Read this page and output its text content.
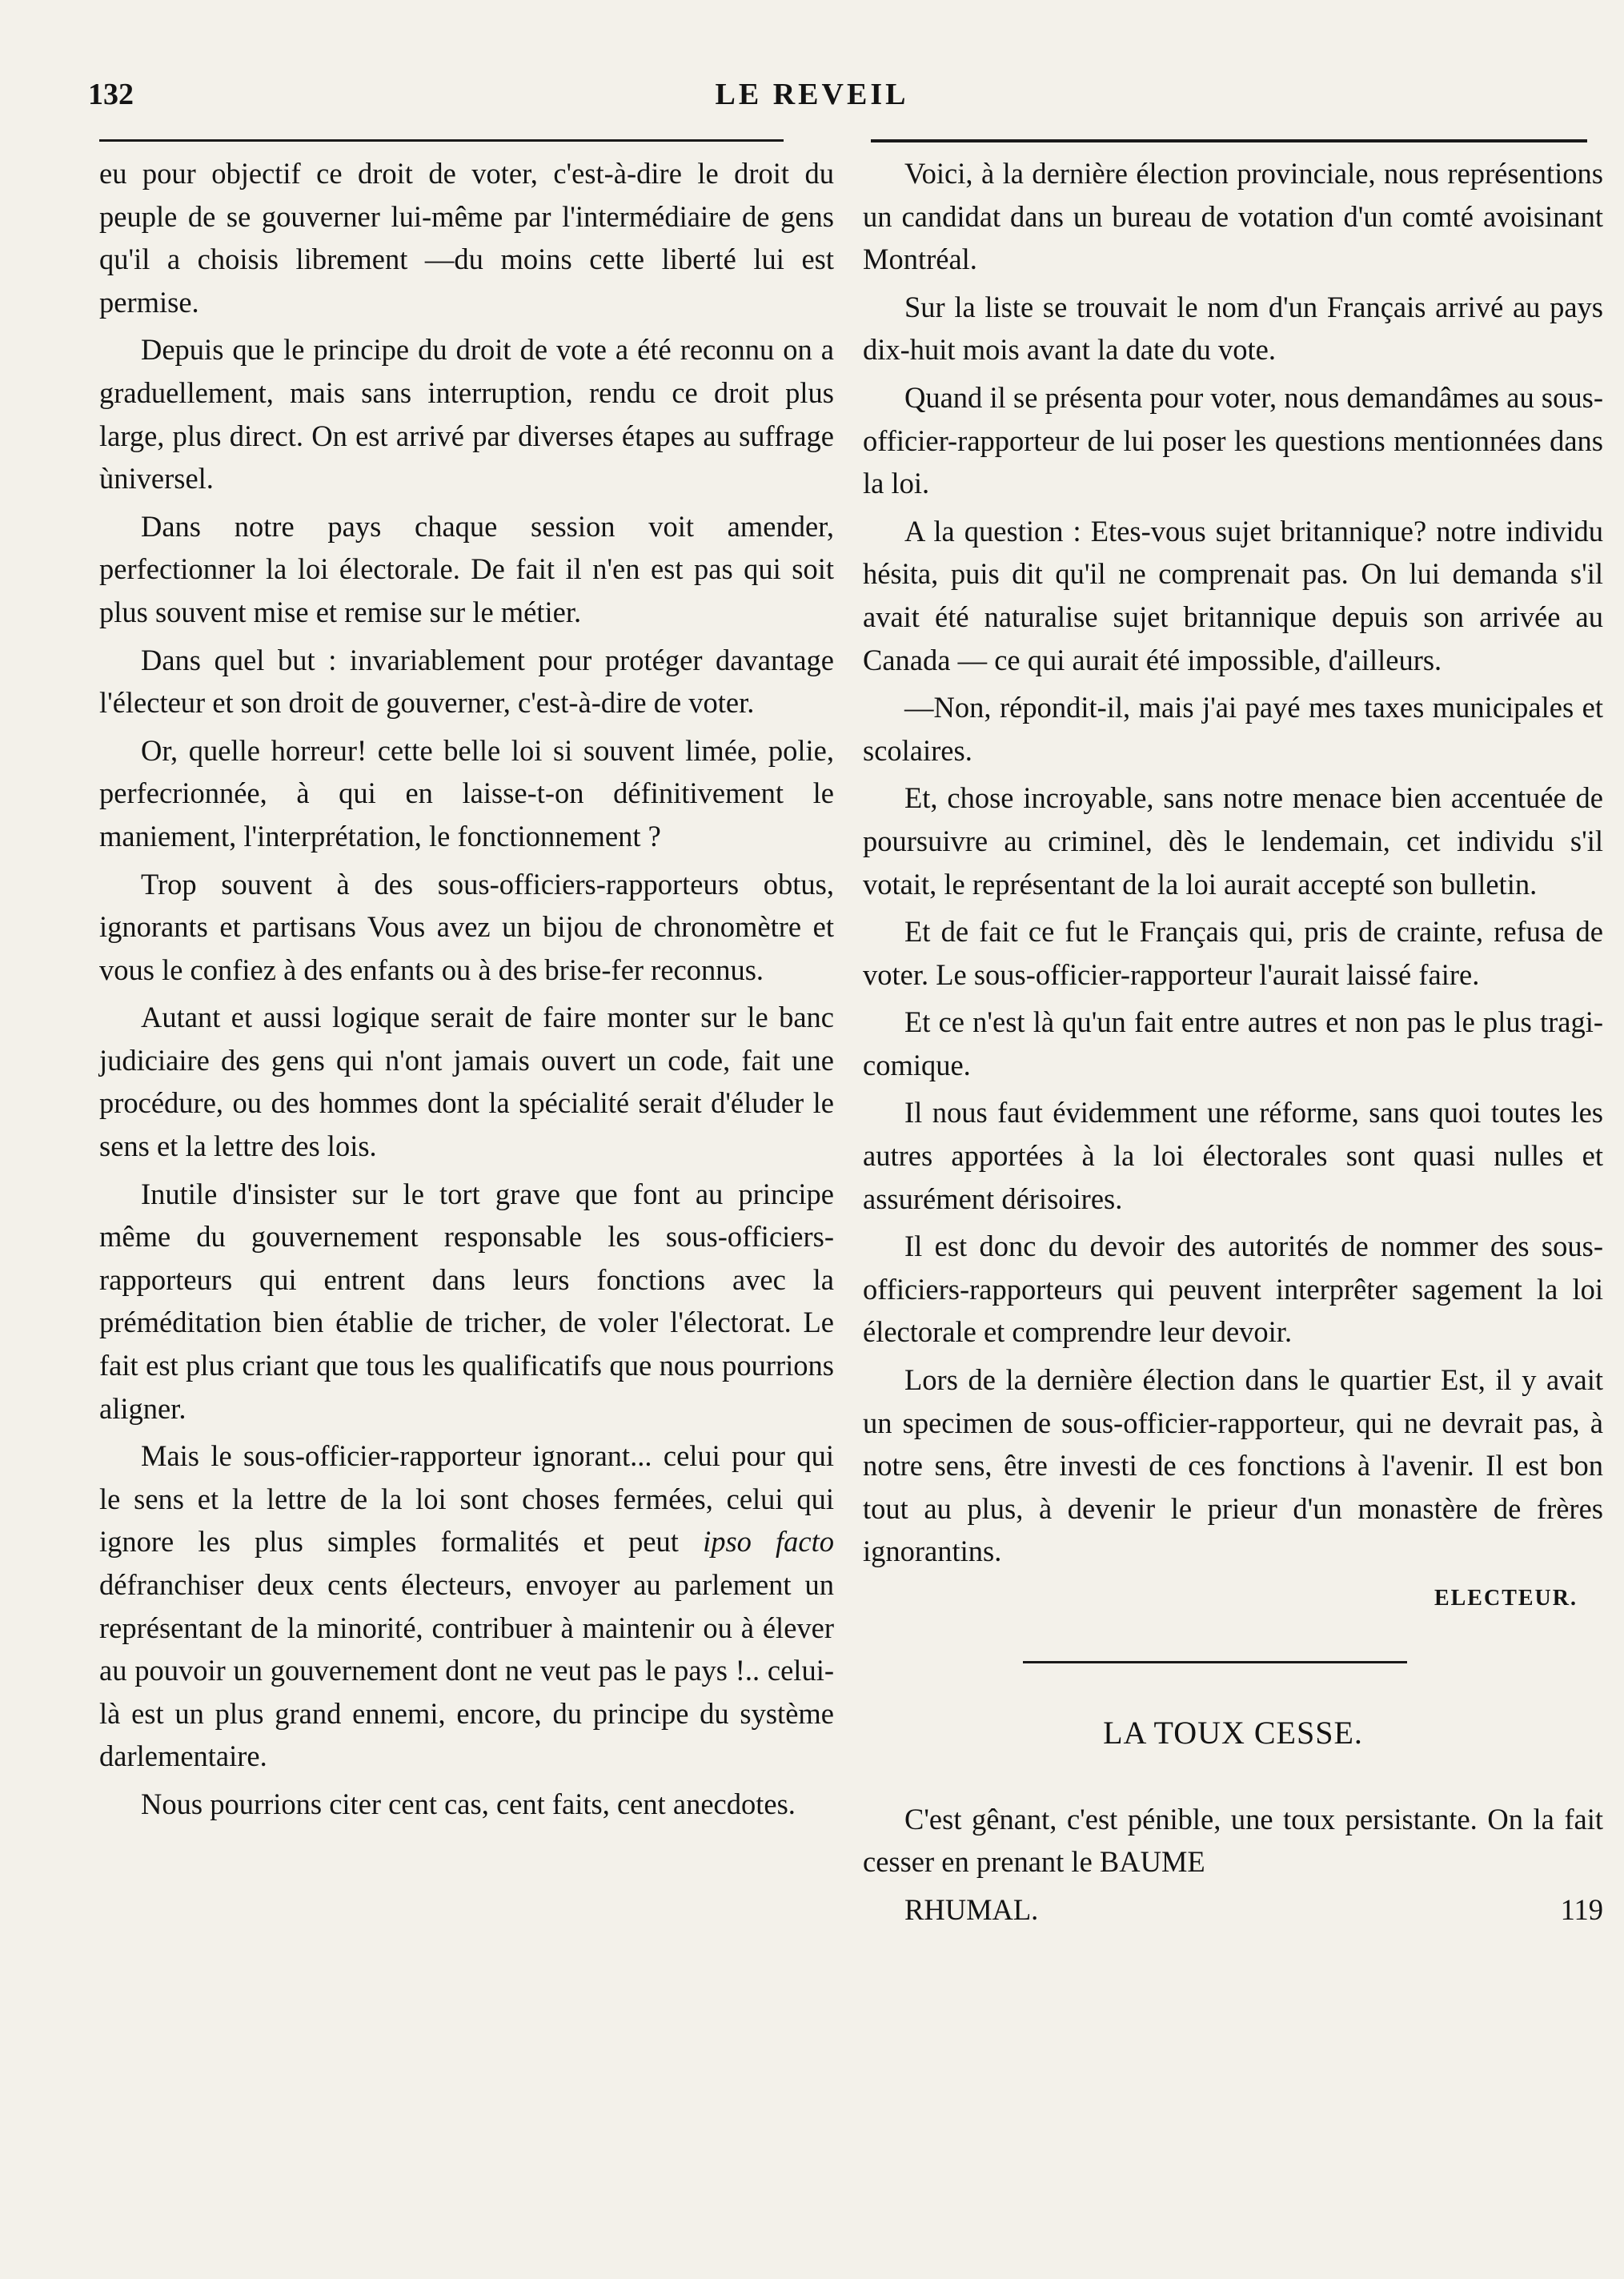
132	LE REVEIL

eu pour objectif ce droit de voter, c'est-à-dire le droit du peuple de se gouverner lui-même par l'intermédiaire de gens qu'il a choisis librement —du moins cette liberté lui est permise.

Depuis que le principe du droit de vote a été reconnu on a graduellement, mais sans interruption, rendu ce droit plus large, plus direct. On est arrivé par diverses étapes au suffrage ùniversel.

Dans notre pays chaque session voit amender, perfectionner la loi électorale. De fait il n'en est pas qui soit plus souvent mise et remise sur le métier.

Dans quel but : invariablement pour protéger davantage l'électeur et son droit de gouverner, c'est-à-dire de voter.

Or, quelle horreur! cette belle loi si souvent limée, polie, perfecrionnée, à qui en laisse-t-on définitivement le maniement, l'interprétation, le fonctionnement ?

Trop souvent à des sous-officiers-rapporteurs obtus, ignorants et partisans Vous avez un bijou de chronomètre et vous le confiez à des enfants ou à des brise-fer reconnus.

Autant et aussi logique serait de faire monter sur le banc judiciaire des gens qui n'ont jamais ouvert un code, fait une procédure, ou des hommes dont la spécialité serait d'éluder le sens et la lettre des lois.

Inutile d'insister sur le tort grave que font au principe même du gouvernement responsable les sous-officiers-rapporteurs qui entrent dans leurs fonctions avec la préméditation bien établie de tricher, de voler l'électorat. Le fait est plus criant que tous les qualificatifs que nous pourrions aligner.

Mais le sous-officier-rapporteur ignorant... celui pour qui le sens et la lettre de la loi sont choses fermées, celui qui ignore les plus simples formalités et peut ipso facto défranchiser deux cents électeurs, envoyer au parlement un représentant de la minorité, contribuer à maintenir ou à élever au pouvoir un gouvernement dont ne veut pas le pays !.. celui-là est un plus grand ennemi, encore, du principe du système darlementaire.

Nous pourrions citer cent cas, cent faits, cent anecdotes.

Voici, à la dernière élection provinciale, nous représentions un candidat dans un bureau de votation d'un comté avoisinant Montréal.

Sur la liste se trouvait le nom d'un Français arrivé au pays dix-huit mois avant la date du vote.

Quand il se présenta pour voter, nous demandâmes au sous-officier-rapporteur de lui poser les questions mentionnées dans la loi.

A la question : Etes-vous sujet britannique? notre individu hésita, puis dit qu'il ne comprenait pas. On lui demanda s'il avait été naturalise sujet britannique depuis son arrivée au Canada — ce qui aurait été impossible, d'ailleurs.

—Non, répondit-il, mais j'ai payé mes taxes municipales et scolaires.

Et, chose incroyable, sans notre menace bien accentuée de poursuivre au criminel, dès le lendemain, cet individu s'il votait, le représentant de la loi aurait accepté son bulletin.

Et de fait ce fut le Français qui, pris de crainte, refusa de voter. Le sous-officier-rapporteur l'aurait laissé faire.

Et ce n'est là qu'un fait entre autres et non pas le plus tragi-comique.

Il nous faut évidemment une réforme, sans quoi toutes les autres apportées à la loi électorales sont quasi nulles et assurément dérisoires.

Il est donc du devoir des autorités de nommer des sous-officiers-rapporteurs qui peuvent interprêter sagement la loi électorale et comprendre leur devoir.

Lors de la dernière élection dans le quartier Est, il y avait un specimen de sous-officier-rapporteur, qui ne devrait pas, à notre sens, être investi de ces fonctions à l'avenir. Il est bon tout au plus, à devenir le prieur d'un monastère de frères ignorantins.

ELECTEUR.
LA TOUX CESSE.

C'est gênant, c'est pénible, une toux persistante. On la fait cesser en prenant le BAUME

RHUMAL.	119
